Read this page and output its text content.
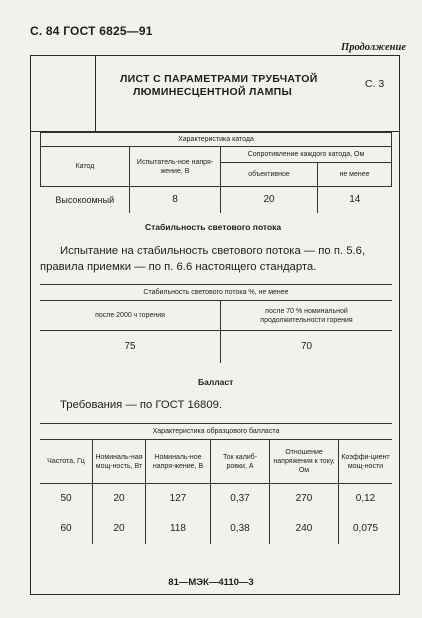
С. 84 ГОСТ 6825—91
Продолжение
ЛИСТ С ПАРАМЕТРАМИ ТРУБЧАТОЙ
ЛЮМИНЕСЦЕНТНОЙ ЛАМПЫ
С. 3
Характеристика катода			
Катод	Испытатель-ное напря-жение, В	Сопротивление каждого катода, Ом	
		объективное	не менее
Высокоомный	8	20	14
Стабильность светового потока
Испытание на стабильность светового потока — по п. 5.6,
правила приемки — по п. 6.6 настоящего стандарта.
Стабильность светового потока %, не менее	
после 2000 ч горения	после 70 % номинальной
продолжительности горения
75	70
Балласт
Требования — по ГОСТ 16809.
Характеристика образцового балласта					
Частота, Гц	Номиналь-ная мощ-ность, Вт	Номиналь-ное напря-жение, В	Ток калиб-ровки, А	Отношение напряжения к току, Ом	Коэффи-циент мощ-ности
50	20	127	0,37	270	0,12
60	20	118	0,38	240	0,075
81—МЭК—4110—3
